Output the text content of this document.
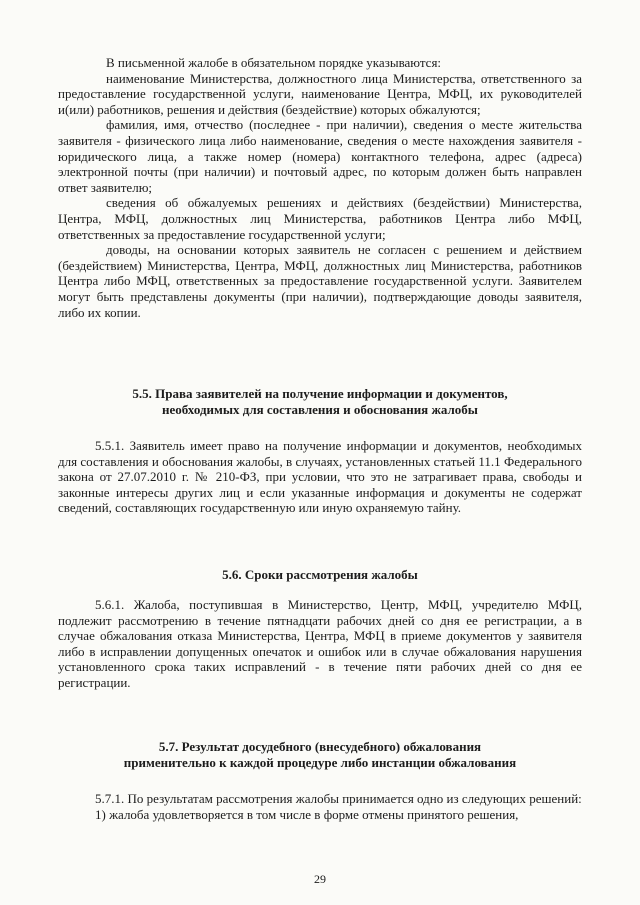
В письменной жалобе в обязательном порядке указываются:

наименование Министерства, должностного лица Министерства, ответственного за предоставление государственной услуги, наименование Центра, МФЦ, их руководителей и(или) работников, решения и действия (бездействие) которых обжалуются;

фамилия, имя, отчество (последнее - при наличии), сведения о месте жительства заявителя - физического лица либо наименование, сведения о месте нахождения заявителя - юридического лица, а также номер (номера) контактного телефона, адрес (адреса) электронной почты (при наличии) и почтовый адрес, по которым должен быть направлен ответ заявителю;

сведения об обжалуемых решениях и действиях (бездействии) Министерства, Центра, МФЦ, должностных лиц Министерства, работников Центра либо МФЦ, ответственных за предоставление государственной услуги;

доводы, на основании которых заявитель не согласен с решением и действием (бездействием) Министерства, Центра, МФЦ, должностных лиц Министерства, работников Центра либо МФЦ, ответственных за предоставление государственной услуги. Заявителем могут быть представлены документы (при наличии), подтверждающие доводы заявителя, либо их копии.

5.5. Права заявителей на получение информации и документов,

необходимых для составления и обоснования жалобы

5.5.1. Заявитель имеет право на получение информации и документов, необходимых для составления и обоснования жалобы, в случаях, установленных статьей 11.1 Федерального закона от 27.07.2010 г. № 210-ФЗ, при условии, что это не затрагивает права, свободы и законные интересы других лиц и если указанные информация и документы не содержат сведений, составляющих государственную или иную охраняемую тайну.

5.6. Сроки рассмотрения жалобы

5.6.1. Жалоба, поступившая в Министерство, Центр, МФЦ, учредителю МФЦ, подлежит рассмотрению в течение пятнадцати рабочих дней со дня ее регистрации, а в случае обжалования отказа Министерства, Центра, МФЦ в приеме документов у заявителя либо в исправлении допущенных опечаток и ошибок или в случае обжалования нарушения установленного срока таких исправлений - в течение пяти рабочих дней со дня ее регистрации.

5.7. Результат досудебного (внесудебного) обжалования

применительно к каждой процедуре либо инстанции обжалования

5.7.1. По результатам рассмотрения жалобы принимается одно из следующих решений:

1) жалоба удовлетворяется в том числе в форме отмены принятого решения,

29
